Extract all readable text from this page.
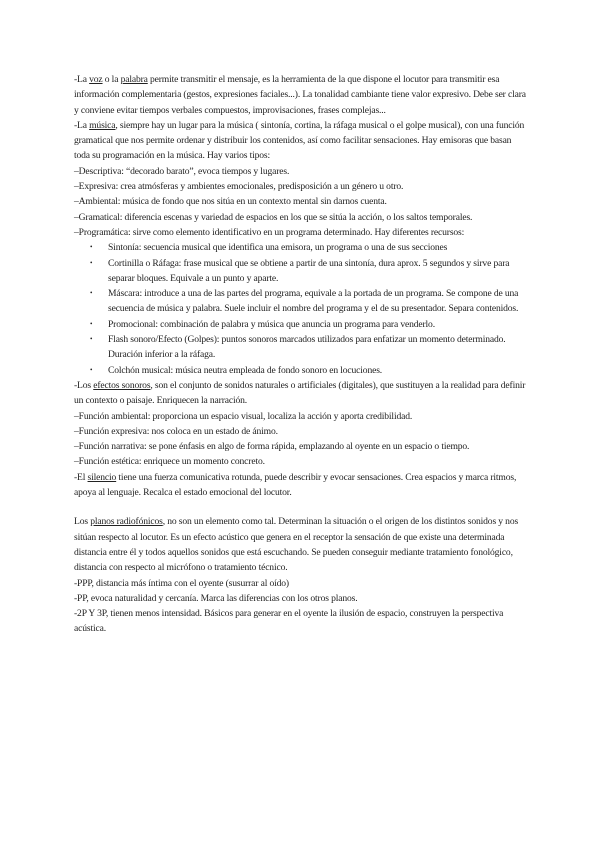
-La voz o la palabra permite transmitir el mensaje, es la herramienta de la que dispone el locutor para transmitir esa información complementaria (gestos, expresiones faciales...). La tonalidad cambiante tiene valor expresivo. Debe ser clara y conviene evitar tiempos verbales compuestos, improvisaciones, frases complejas...

-La música, siempre hay un lugar para la música ( sintonía, cortina, la ráfaga musical o el golpe musical), con una función gramatical que nos permite ordenar y distribuir los contenidos, así como facilitar sensaciones. Hay emisoras que basan toda su programación en la música. Hay varios tipos:

–Descriptiva: “decorado barato”, evoca tiempos y lugares.

–Expresiva: crea atmósferas y ambientes emocionales, predisposición a un género u otro.

–Ambiental: música de fondo que nos sitúa en un contexto mental sin darnos cuenta.

–Gramatical: diferencia escenas y variedad de espacios en los que se sitúa la acción, o los saltos temporales.

–Programática: sirve como elemento identificativo en un programa determinado. Hay diferentes recursos:

• Sintonía: secuencia musical que identifica una emisora, un programa o una de sus secciones
• Cortinilla o Ráfaga: frase musical que se obtiene a partir de una sintonía, dura aprox. 5 segundos y sirve para separar bloques. Equivale a un punto y aparte.
• Máscara: introduce a una de las partes del programa, equivale a la portada de un programa. Se compone de una secuencia de música y palabra. Suele incluir el nombre del programa y el de su presentador. Separa contenidos.
• Promocional: combinación de palabra y música que anuncia un programa para venderlo.
• Flash sonoro/Efecto (Golpes): puntos sonoros marcados utilizados para enfatizar un momento determinado. Duración inferior a la ráfaga.
• Colchón musical: música neutra empleada de fondo sonoro en locuciones.

-Los efectos sonoros, son el conjunto de sonidos naturales o artificiales (digitales), que sustituyen a la realidad para definir un contexto o paisaje. Enriquecen la narración.

–Función ambiental: proporciona un espacio visual, localiza la acción y aporta credibilidad.

–Función expresiva: nos coloca en un estado de ánimo.

–Función narrativa: se pone énfasis en algo de forma rápida, emplazando al oyente en un espacio o tiempo.

–Función estética: enriquece un momento concreto.

-El silencio tiene una fuerza comunicativa rotunda, puede describir y evocar sensaciones. Crea espacios y marca ritmos, apoya al lenguaje. Recalca el estado emocional del locutor.

Los planos radiofónicos, no son un elemento como tal. Determinan la situación o el origen de los distintos sonidos y nos sitúan respecto al locutor. Es un efecto acústico que genera en el receptor la sensación de que existe una determinada distancia entre él y todos aquellos sonidos que está escuchando. Se pueden conseguir mediante tratamiento fonológico, distancia con respecto al micrófono o tratamiento técnico.

-PPP, distancia más íntima con el oyente (susurrar al oído)

-PP, evoca naturalidad y cercanía. Marca las diferencias con los otros planos.

-2P Y 3P, tienen menos intensidad. Básicos para generar en el oyente la ilusión de espacio, construyen la perspectiva acústica.
